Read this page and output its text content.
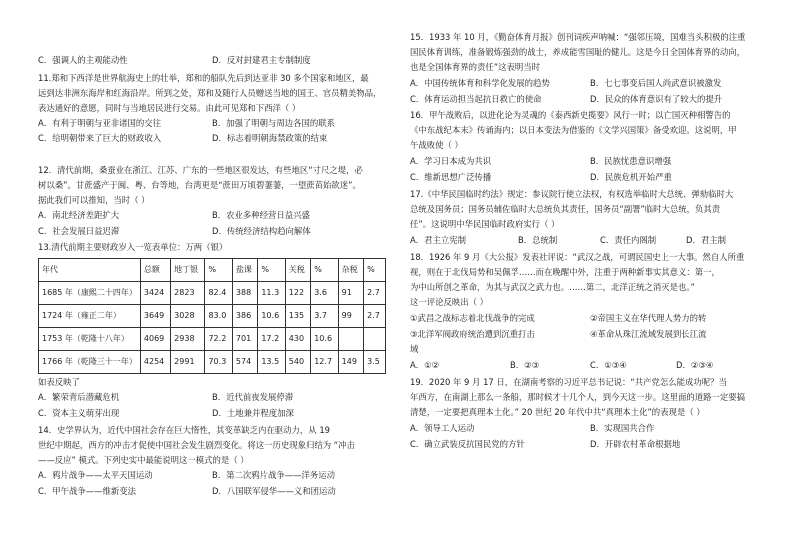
C．强调人的主观能动性	D．反对封建君主专制制度
11.郑和下西洋是世界航海史上的壮举，郑和的船队先后到达亚非 30 多个国家和地区，最
远到达非洲东海岸和红海沿岸。所到之处，郑和及随行人员赠送当地的国王、官员精美物品，
表达通好的意愿，同时与当地居民进行交易。由此可见郑和下西洋（ ）
A．有利于明朝与亚非诸国的交往	B．加强了明朝与周边各国的联系
C．给明朝带来了巨大的财政收入	D．标志着明朝海禁政策的结束
12．清代前期，桑蚕业在浙江、江苏、广东的一些地区很发达，有些地区“寸尺之堤，必
树以桑”。甘蔗盛产于闽、粤、台等地，台湾更是“蔗田万顷碧萋萋，一望蔗苗始欲迷”。
据此我们可以推知，当时（ ）
A．南北经济差距扩大	B．农业多种经营日益兴盛
C．社会发展日益迟滞	D．传统经济结构趋向解体
13.清代前期主要财政岁入一览表单位：万两（银）
年代	总额	地丁银	%	盐课	%	关税	%	杂税	%
1685 年（康熙二十四年）	3424	2823	82.4	388	11.3	122	3.6	91	2.7
1724 年（雍正二年）	3649	3028	83.0	386	10.6	135	3.7	99	2.7
1753 年（乾隆十八年）	4069	2938	72.2	701	17.2	430	10.6		
1766 年（乾隆三十一年）	4254	2991	70.3	574	13.5	540	12.7	149	3.5
如表反映了
A．繁荣背后潜藏危机	B．近代前夜发展停滞
C．资本主义萌芽出现	D．土地兼并程度加深
14．史学界认为，近代中国社会存在巨大惰性，其变革缺乏内在驱动力，从 19
世纪中期起，西方的冲击才促使中国社会发生剧烈变化。将这一历史现象归结为 “冲击
——反应” 模式。下列史实中最能说明这一模式的是（ ）
A．鸦片战争——太平天国运动	B．第二次鸦片战争——洋务运动
C．甲午战争——维新变法	D．八国联军侵华——义和团运动
15．1933 年 10 月，《勤奋体育月报》创刊词疾声呐喊：“强邻压境，国难当头积极的注重
国民体育训练，准备锻炼强劲的战士，养成能雪国耻的健儿。这是今日全国体育界的动向，
也是全国体育界的责任”这表明当时
A．中国传统体育和科学化发展的趋势	B．七七事变后国人尚武意识被激发
C．体育运动担当起抗日救亡的使命	D．民众的体育意识有了较大的提升
16．甲午战败后，以进化论为灵魂的《泰西新史揽要》风行一时；以亡国灭种相警告的
《中东战纪本末》传诵海内；以日本变法为借鉴的《文学兴国策》备受欢迎。这说明，甲
午战败使（ ）
A．学习日本成为共识	B．民族忧患意识增强
C．维新思想广泛传播	D．民族危机开始严重
17.《中华民国临时约法》规定：参议院行使立法权，有权选举临时大总统、弹劾临时大
总统及国务员；国务员辅佐临时大总统负其责任，国务员“副署”临时大总统，负其责
任”。这说明中华民国临时政府实行（ ）
A．君主立宪制	B．总统制	C．责任内阁制	D．君主制
18．1926 年 9 月《大公报》发表社评说：“武汉之战，可谓民国史上一大事。然自人所重
视，则在于北伐局势和吴佩孚……而在晚醒中外，注重于两种新事实其意义：第一，
为中山所创之革命，为其与武汉之武力也。……第二，北洋正统之消灭是也。”
这一评论反映出（ ）
①武昌之战标志着北伐战争的完成	②帝国主义在华代理人势力的转
③北洋军阀政府统治遭到沉重打击	④革命从珠江流域发展到长江流
域
A．①②	B．②③	C．①③④	D．②③④
19．2020 年 9 月 17 日，在湖南考察的习近平总书记说：“共产党怎么能成功呢？当
年西方，在南湖上那么一条船，那时候才十几个人，到今天这一步。这里面的道路一定要搞
清楚，一定要把真理本土化。” 20 世纪 20 年代中共“真理本土化”的表现是（ ）
A．领导工人运动	B．实现国共合作
C．确立武装反抗国民党的方针	D．开辟农村革命根据地
